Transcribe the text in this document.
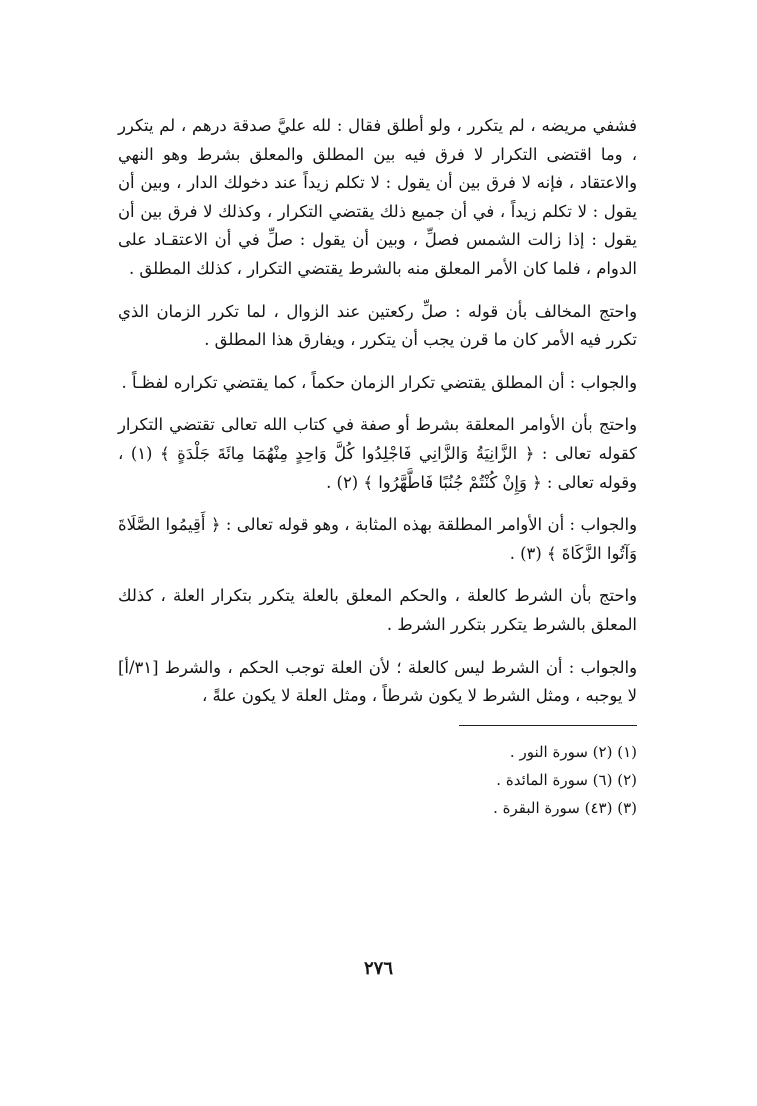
فشفي مريضه ، لم يتكرر ، ولو أطلق فقال : لله عليَّ صدقة درهم ، لم يتكرر ، وما اقتضى التكرار لا فرق فيه بين المطلق والمعلق بشرط وهو النهي والاعتقاد ، فإنه لا فرق بين أن يقول : لا تكلم زيداً عند دخولك الدار ، وبين أن يقول : لا تكلم زيداً ، في أن جميع ذلك يقتضي التكرار ، وكذلك لا فرق بين أن يقول : إذا زالت الشمس فصلِّ ، وبين أن يقول : صلِّ في أن الاعتقـاد على الدوام ، فلما كان الأمر المعلق منه بالشرط يقتضي التكرار ، كذلك المطلق .

واحتج المخالف بأن قوله : صلِّ ركعتين عند الزوال ، لما تكرر الزمان الذي تكرر فيه الأمر كان ما قرن يجب أن يتكرر ، ويفارق هذا المطلق .

والجواب : أن المطلق يقتضي تكرار الزمان حكماً ، كما يقتضي تكراره لفظـاً .

واحتج بأن الأوامر المعلقة بشرط أو صفة في كتاب الله تعالى تقتضي التكرار كقوله تعالى : ﴿ الزَّانِيَةُ وَالزَّانِي فَاجْلِدُوا كُلَّ وَاحِدٍ مِنْهُمَا مِائَةَ جَلْدَةٍ ﴾ (١) ، وقوله تعالى : ﴿ وَإِنْ كُنْتُمْ جُنُبًا فَاطَّهَّرُوا ﴾ (٢) .

والجواب : أن الأوامر المطلقة بهذه المثابة ، وهو قوله تعالى : ﴿ أَقِيمُوا الصَّلَاةَ وَآتُوا الزَّكَاةَ ﴾ (٣) .

واحتج بأن الشرط كالعلة ، والحكم المعلق بالعلة يتكرر بتكرار العلة ، كذلك المعلق بالشرط يتكرر بتكرر الشرط .

والجواب : أن الشرط ليس كالعلة ؛ لأن العلة توجب الحكم ، والشرط [٣١/أ] لا يوجبه ، ومثل الشرط لا يكون شرطاً ، ومثل العلة لا يكون علةً ،

(١) (٢) سورة النور .

(٢) (٦) سورة المائدة .

(٣) (٤٣) سورة البقرة .

٢٧٦
